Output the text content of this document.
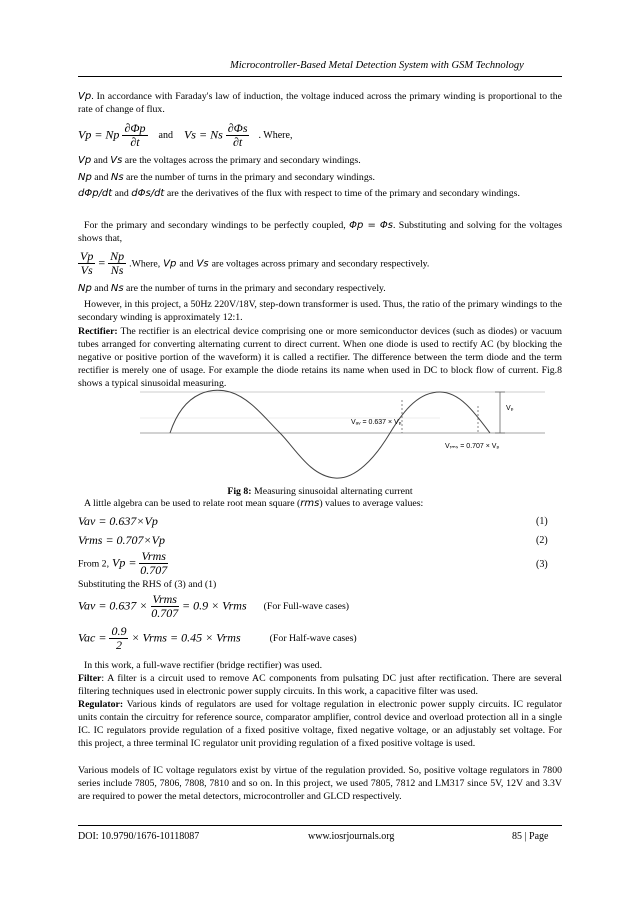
Microcontroller-Based Metal Detection System with GSM Technology
Vp. In accordance with Faraday's law of induction, the voltage induced across the primary winding is proportional to the rate of change of flux.
Vp = Np $\frac{\partial\Phi p}{\partial t}$ and Vs = Ns $\frac{\partial\Phi s}{\partial t}$ . Where,
Vp and Vs are the voltages across the primary and secondary windings.
Np and Ns are the number of turns in the primary and secondary windings.
dΦp/dt and dΦs/dt are the derivatives of the flux with respect to time of the primary and secondary windings.
For the primary and secondary windings to be perfectly coupled, Φp = Φs. Substituting and solving for the voltages shows that,
$\frac{Vp}{Vs} = \frac{Np}{Ns}$ .Where, Vp and Vs are voltages across primary and secondary respectively.
Np and Ns are the number of turns in the primary and secondary respectively.
However, in this project, a 50Hz 220V/18V, step-down transformer is used. Thus, the ratio of the primary windings to the secondary winding is approximately 12:1.
Rectifier: The rectifier is an electrical device comprising one or more semiconductor devices (such as diodes) or vacuum tubes arranged for converting alternating current to direct current. When one diode is used to rectify AC (by blocking the negative or positive portion of the waveform) it is called a rectifier. The difference between the term diode and the term rectifier is merely one of usage. For example the diode retains its name when used in DC to block flow of current. Fig.8 shows a typical sinusoidal measuring.
Vₚ
Vₐᵥ = 0.637 × Vₚ
Vᵣₘₛ = 0.707 × Vₚ
Fig 8: Measuring sinusoidal alternating current
A little algebra can be used to relate root mean square (rms) values to average values:
Vav = 0.637×Vp	(1)
Vrms = 0.707×Vp	(2)
From 2, $Vp = \frac{\text{Vrms}}{0.707}$	(3)
Substituting the RHS of (3) and (1)
Vav = $0.637 \times \frac{\text{Vrms}}{0.707} = 0.9$ × Vrms (For Full-wave cases)
Vac = $\frac{0.9}{2}$ × Vrms = 0.45 × Vrms	(For Half-wave cases)
In this work, a full-wave rectifier (bridge rectifier) was used.
Filter: A filter is a circuit used to remove AC components from pulsating DC just after rectification. There are several filtering techniques used in electronic power supply circuits. In this work, a capacitive filter was used.
Regulator: Various kinds of regulators are used for voltage regulation in electronic power supply circuits. IC regulator units contain the circuitry for reference source, comparator amplifier, control device and overload protection all in a single IC. IC regulators provide regulation of a fixed positive voltage, fixed negative voltage, or an adjustably set voltage. For this project, a three terminal IC regulator unit providing regulation of a fixed positive voltage is used.
Various models of IC voltage regulators exist by virtue of the regulation provided. So, positive voltage regulators in 7800 series include 7805, 7806, 7808, 7810 and so on. In this project, we used 7805, 7812 and LM317 since 5V, 12V and 3.3V are required to power the metal detectors, microcontroller and GLCD respectively.
DOI: 10.9790/1676-10118087	www.iosrjournals.org	85 | Page
